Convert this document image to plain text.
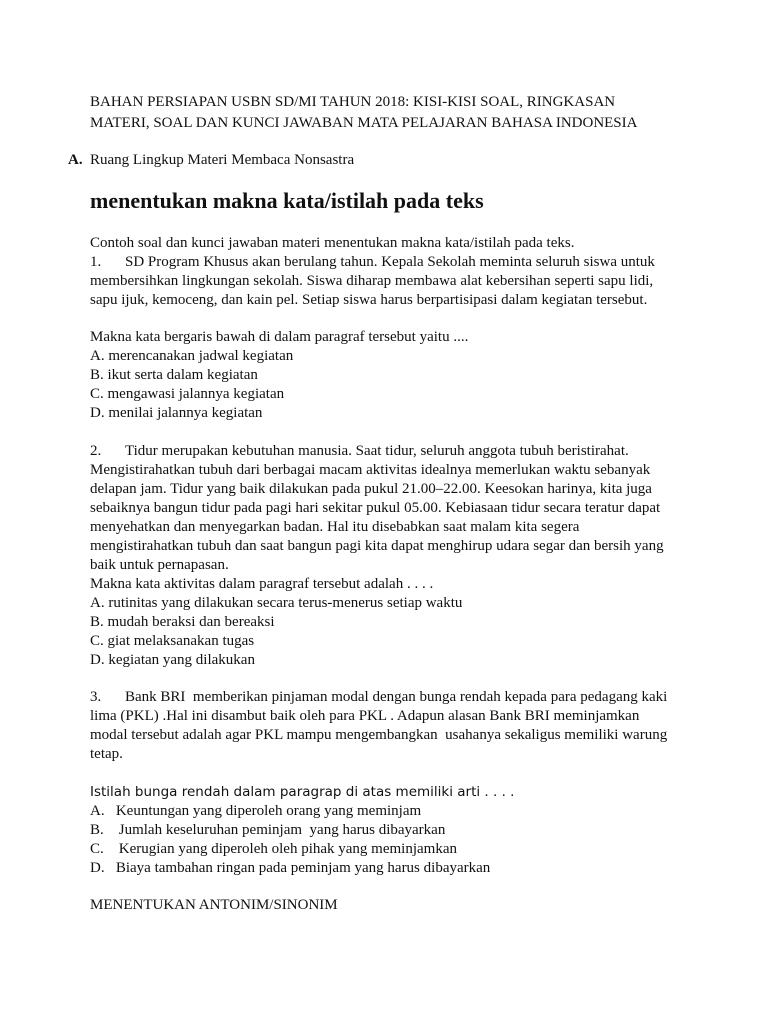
BAHAN PERSIAPAN USBN SD/MI TAHUN 2018: KISI-KISI SOAL, RINGKASAN
MATERI, SOAL DAN KUNCI JAWABAN MATA PELAJARAN BAHASA INDONESIA
A. Ruang Lingkup Materi Membaca Nonsastra
menentukan makna kata/istilah pada teks
Contoh soal dan kunci jawaban materi menentukan makna kata/istilah pada teks.
1. SD Program Khusus akan berulang tahun. Kepala Sekolah meminta seluruh siswa untuk
membersihkan lingkungan sekolah. Siswa diharap membawa alat kebersihan seperti sapu lidi,
sapu ijuk, kemoceng, dan kain pel. Setiap siswa harus berpartisipasi dalam kegiatan tersebut.
Makna kata bergaris bawah di dalam paragraf tersebut yaitu ....
A. merencanakan jadwal kegiatan
B. ikut serta dalam kegiatan
C. mengawasi jalannya kegiatan
D. menilai jalannya kegiatan
2. Tidur merupakan kebutuhan manusia. Saat tidur, seluruh anggota tubuh beristirahat.
Mengistirahatkan tubuh dari berbagai macam aktivitas idealnya memerlukan waktu sebanyak
delapan jam. Tidur yang baik dilakukan pada pukul 21.00–22.00. Keesokan harinya, kita juga
sebaiknya bangun tidur pada pagi hari sekitar pukul 05.00. Kebiasaan tidur secara teratur dapat
menyehatkan dan menyegarkan badan. Hal itu disebabkan saat malam kita segera
mengistirahatkan tubuh dan saat bangun pagi kita dapat menghirup udara segar dan bersih yang
baik untuk pernapasan.
Makna kata aktivitas dalam paragraf tersebut adalah . . . .
A. rutinitas yang dilakukan secara terus-menerus setiap waktu
B. mudah beraksi dan bereaksi
C. giat melaksanakan tugas
D. kegiatan yang dilakukan
3. Bank BRI  memberikan pinjaman modal dengan bunga rendah kepada para pedagang kaki
lima (PKL) .Hal ini disambut baik oleh para PKL . Adapun alasan Bank BRI meminjamkan
modal tersebut adalah agar PKL mampu mengembangkan  usahanya sekaligus memiliki warung
tetap.
Istilah bunga rendah dalam paragrap di atas memiliki arti . . . .
A.   Keuntungan yang diperoleh orang yang meminjam
B.    Jumlah keseluruhan peminjam  yang harus dibayarkan
C.    Kerugian yang diperoleh oleh pihak yang meminjamkan
D.   Biaya tambahan ringan pada peminjam yang harus dibayarkan
MENENTUKAN ANTONIM/SINONIM
